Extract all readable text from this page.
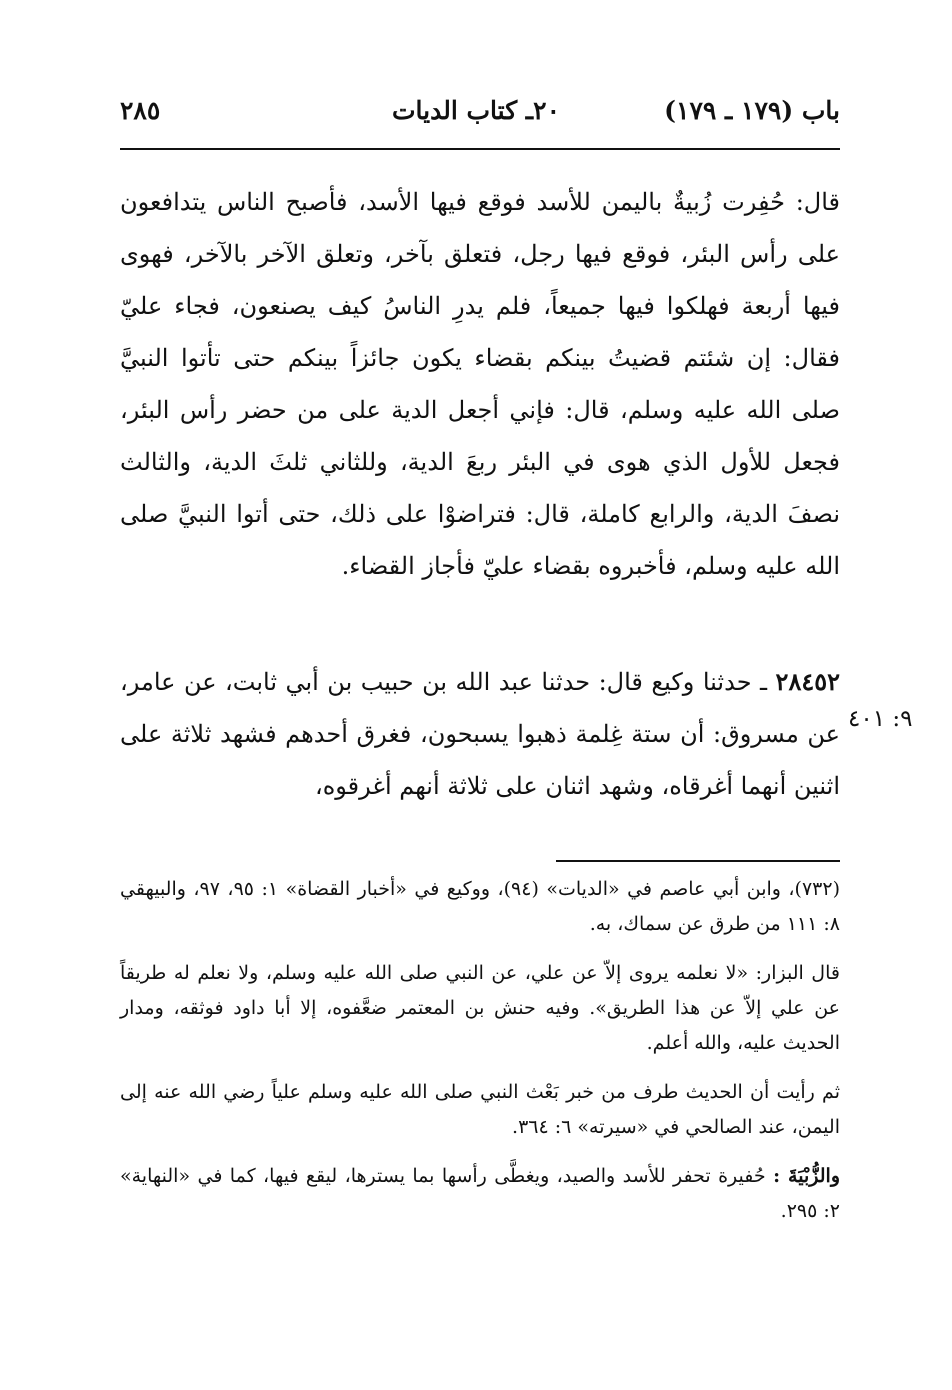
باب (١٧٩ ـ ١٧٩)
٢٠ـ كتاب الديات
٢٨٥

قال: حُفِرت زُبيةٌ باليمن للأسد فوقع فيها الأسد، فأصبح الناس يتدافعون على رأس البئر، فوقع فيها رجل، فتعلق بآخر، وتعلق الآخر بالآخر، فهوى فيها أربعة فهلكوا فيها جميعاً، فلم يدرِ الناسُ كيف يصنعون، فجاء عليّ فقال: إن شئتم قضيتُ بينكم بقضاء يكون جائزاً بينكم حتى تأتوا النبيَّ صلى الله عليه وسلم، قال: فإني أجعل الدية على من حضر رأس البئر، فجعل للأول الذي هوى في البئر ربعَ الدية، وللثاني ثلثَ الدية، والثالث نصفَ الدية، والرابع كاملة، قال: فتراضوْا على ذلك، حتى أتوا النبيَّ صلى الله عليه وسلم، فأخبروه بقضاء عليّ فأجاز القضاء.

٢٨٤٥٢ ـ حدثنا وكيع قال: حدثنا عبد الله بن حبيب بن أبي ثابت، عن عامر، عن مسروق: أن ستة غِلمة ذهبوا يسبحون، فغرق أحدهم فشهد ثلاثة على اثنين أنهما أغرقاه، وشهد اثنان على ثلاثة أنهم أغرقوه،

٩: ٤٠١

(٧٣٢)، وابن أبي عاصم في «الديات» (٩٤)، ووكيع في «أخبار القضاة» ١: ٩٥، ٩٧، والبيهقي ٨: ١١١ من طرق عن سماك، به.

قال البزار: «لا نعلمه يروى إلاّ عن علي، عن النبي صلى الله عليه وسلم، ولا نعلم له طريقاً عن علي إلاّ عن هذا الطريق». وفيه حنش بن المعتمر ضعَّفوه، إلا أبا داود فوثقه، ومدار الحديث عليه، والله أعلم.

ثم رأيت أن الحديث طرف من خبر بَعْث النبي صلى الله عليه وسلم علياً رضي الله عنه إلى اليمن، عند الصالحي في «سيرته» ٦: ٣٦٤.

والزُّبْيَةَ : حُفيرة تحفر للأسد والصيد، ويغطَّى رأسها بما يسترها، ليقع فيها، كما في «النهاية» ٢: ٢٩٥.
